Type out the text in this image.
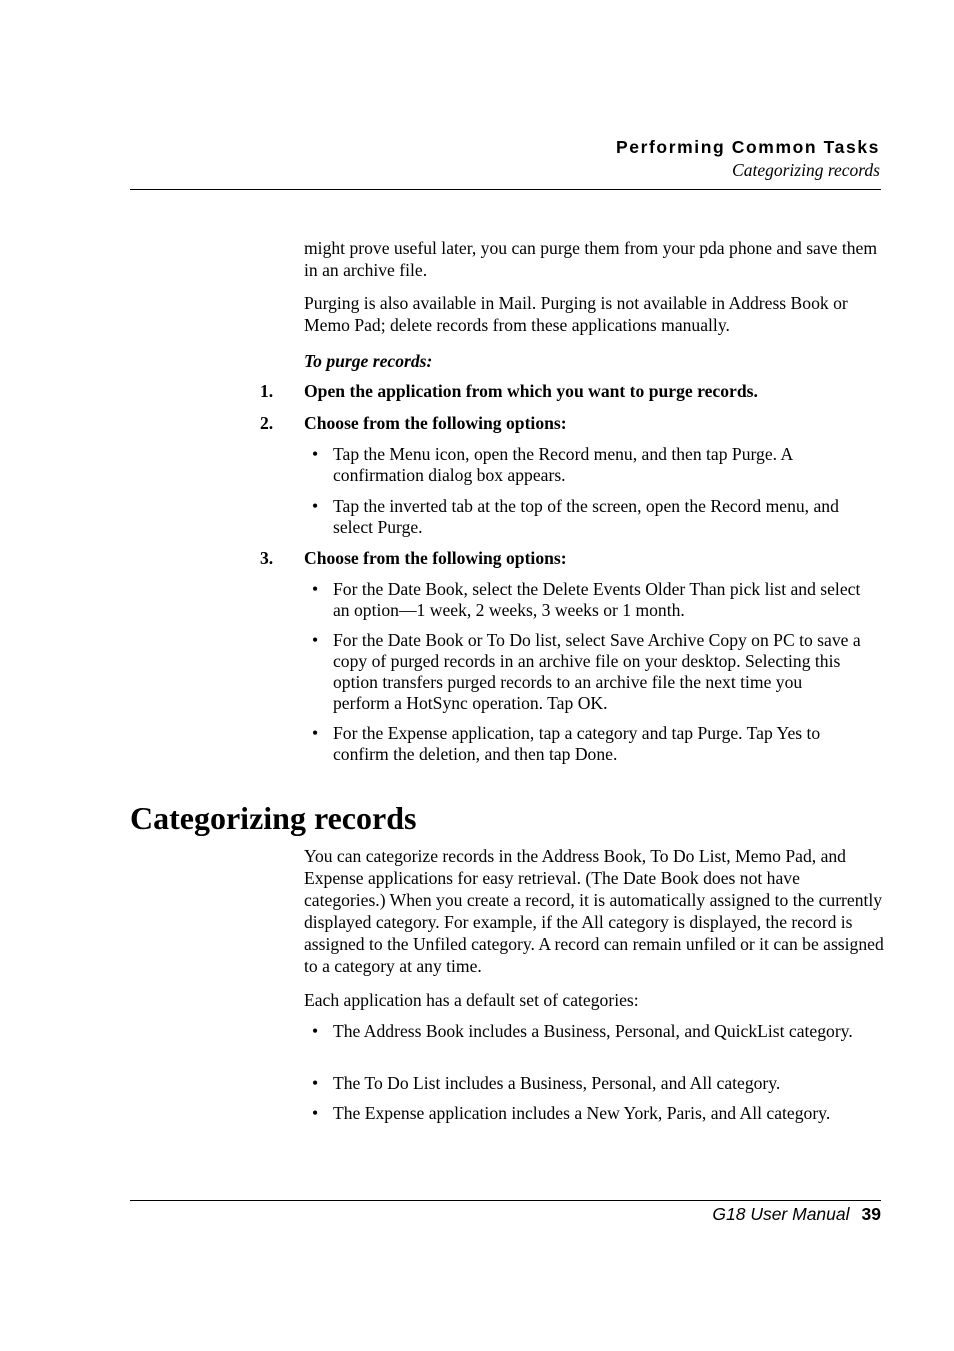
Performing Common Tasks
Categorizing records

might prove useful later, you can purge them from your pda phone and save them in an archive file.

Purging is also available in Mail. Purging is not available in Address Book or Memo Pad; delete records from these applications manually.

To purge records:
1. Open the application from which you want to purge records.
2. Choose from the following options:
• Tap the Menu icon, open the Record menu, and then tap Purge. A confirmation dialog box appears.
• Tap the inverted tab at the top of the screen, open the Record menu, and select Purge.
3. Choose from the following options:
• For the Date Book, select the Delete Events Older Than pick list and select an option—1 week, 2 weeks, 3 weeks or 1 month.
• For the Date Book or To Do list, select Save Archive Copy on PC to save a copy of purged records in an archive file on your desktop. Selecting this option transfers purged records to an archive file the next time you perform a HotSync operation. Tap OK.
• For the Expense application, tap a category and tap Purge. Tap Yes to confirm the deletion, and then tap Done.
Categorizing records

You can categorize records in the Address Book, To Do List, Memo Pad, and Expense applications for easy retrieval. (The Date Book does not have categories.) When you create a record, it is automatically assigned to the currently displayed category. For example, if the All category is displayed, the record is assigned to the Unfiled category. A record can remain unfiled or it can be assigned to a category at any time.

Each application has a default set of categories:

• The Address Book includes a Business, Personal, and QuickList category.
• The To Do List includes a Business, Personal, and All category.
• The Expense application includes a New York, Paris, and All category.
G18 User Manual 39
